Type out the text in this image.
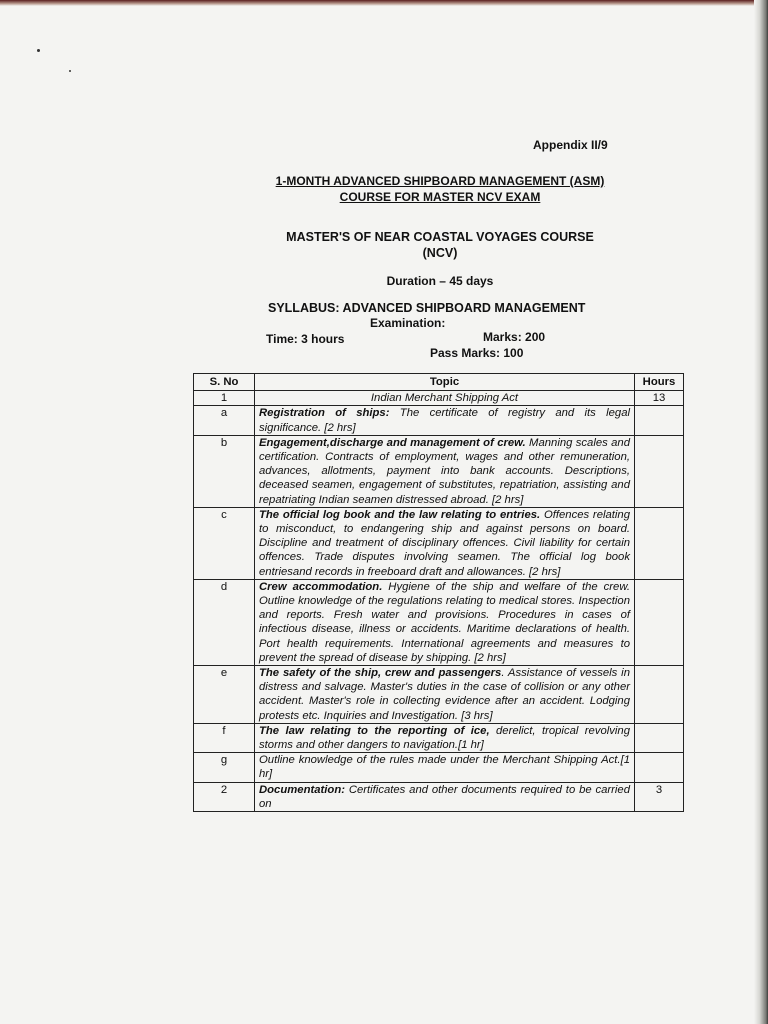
Appendix II/9
1-MONTH ADVANCED SHIPBOARD MANAGEMENT (ASM)
COURSE FOR MASTER NCV EXAM
MASTER'S OF NEAR COASTAL VOYAGES COURSE
(NCV)
Duration – 45 days
SYLLABUS: ADVANCED SHIPBOARD MANAGEMENT
Examination:
Time: 3 hours	Marks: 200
Pass Marks: 100
S. No	Topic	Hours
1	Indian Merchant Shipping Act	13
a	Registration of ships: The certificate of registry and its legal significance. [2 hrs]	
b	Engagement,discharge and management of crew. Manning scales and certification. Contracts of employment, wages and other remuneration, advances, allotments, payment into bank accounts. Descriptions, deceased seamen, engagement of substitutes, repatriation, assisting and repatriating Indian seamen distressed abroad. [2 hrs]	
c	The official log book and the law relating to entries. Offences relating to misconduct, to endangering ship and against persons on board. Discipline and treatment of disciplinary offences. Civil liability for certain offences. Trade disputes involving seamen. The official log book entriesand records in freeboard draft and allowances. [2 hrs]	
d	Crew accommodation. Hygiene of the ship and welfare of the crew. Outline knowledge of the regulations relating to medical stores. Inspection and reports. Fresh water and provisions. Procedures in cases of infectious disease, illness or accidents. Maritime declarations of health. Port health requirements. International agreements and measures to prevent the spread of disease by shipping. [2 hrs]	
e	The safety of the ship, crew and passengers. Assistance of vessels in distress and salvage. Master's duties in the case of collision or any other accident. Master's role in collecting evidence after an accident. Lodging protests etc. Inquiries and Investigation. [3 hrs]	
f	The law relating to the reporting of ice, derelict, tropical revolving storms and other dangers to navigation.[1 hr]	
g	Outline knowledge of the rules made under the Merchant Shipping Act.[1 hr]	
2	Documentation: Certificates and other documents required to be carried on	3
